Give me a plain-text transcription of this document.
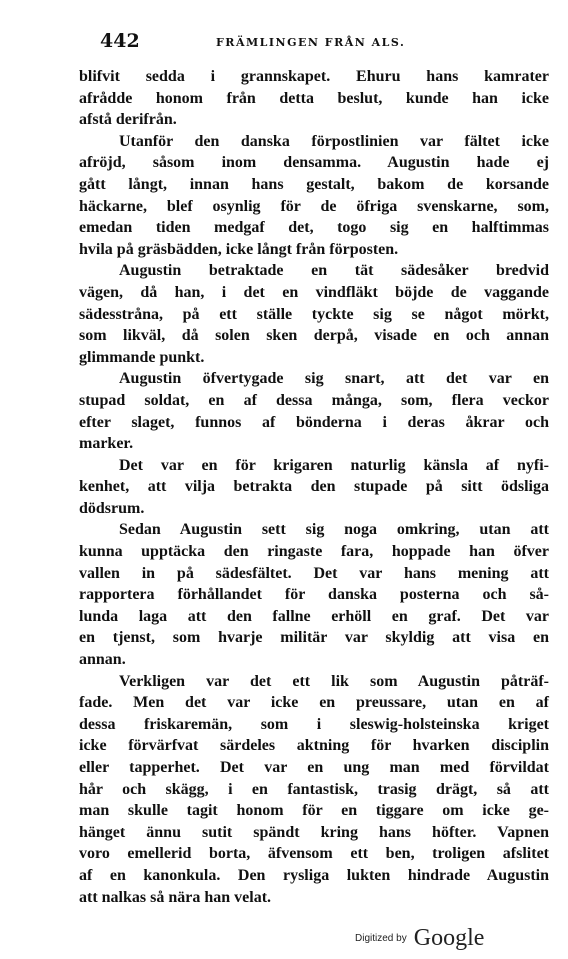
442	FRÄMLINGEN FRÅN ALS.
blifvit sedda i grannskapet. Ehuru hans kamrater
afrådde honom från detta beslut, kunde han icke
afstå derifrån.
Utanför den danska förpostlinien var fältet icke
afröjd, såsom inom densamma. Augustin hade ej
gått långt, innan hans gestalt, bakom de korsande
häckarne, blef osynlig för de öfriga svenskarne, som,
emedan tiden medgaf det, togo sig en halftimmas
hvila på gräsbädden, icke långt från förposten.
Augustin betraktade en tät sädesåker bredvid
vägen, då han, i det en vindfläkt böjde de vaggande
sädesstråna, på ett ställe tyckte sig se något mörkt,
som likväl, då solen sken derpå, visade en och annan
glimmande punkt.
Augustin öfvertygade sig snart, att det var en
stupad soldat, en af dessa många, som, flera veckor
efter slaget, funnos af bönderna i deras åkrar och
marker.
Det var en för krigaren naturlig känsla af nyfi-
kenhet, att vilja betrakta den stupade på sitt ödsliga
dödsrum.
Sedan Augustin sett sig noga omkring, utan att
kunna upptäcka den ringaste fara, hoppade han öfver
vallen in på sädesfältet. Det var hans mening att
rapportera förhållandet för danska posterna och så-
lunda laga att den fallne erhöll en graf. Det var
en tjenst, som hvarje militär var skyldig att visa en
annan.
Verkligen var det ett lik som Augustin påträf-
fade. Men det var icke en preussare, utan en af
dessa friskaremän, som i sleswig-holsteinska kriget
icke förvärfvat särdeles aktning för hvarken disciplin
eller tapperhet. Det var en ung man med förvildat
hår och skägg, i en fantastisk, trasig drägt, så att
man skulle tagit honom för en tiggare om icke ge-
hänget ännu sutit spändt kring hans höfter. Vapnen
voro emellerid borta, äfvensom ett ben, troligen afslitet
af en kanonkula. Den rysliga lukten hindrade Augustin
att nalkas så nära han velat.
Digitized by Google
